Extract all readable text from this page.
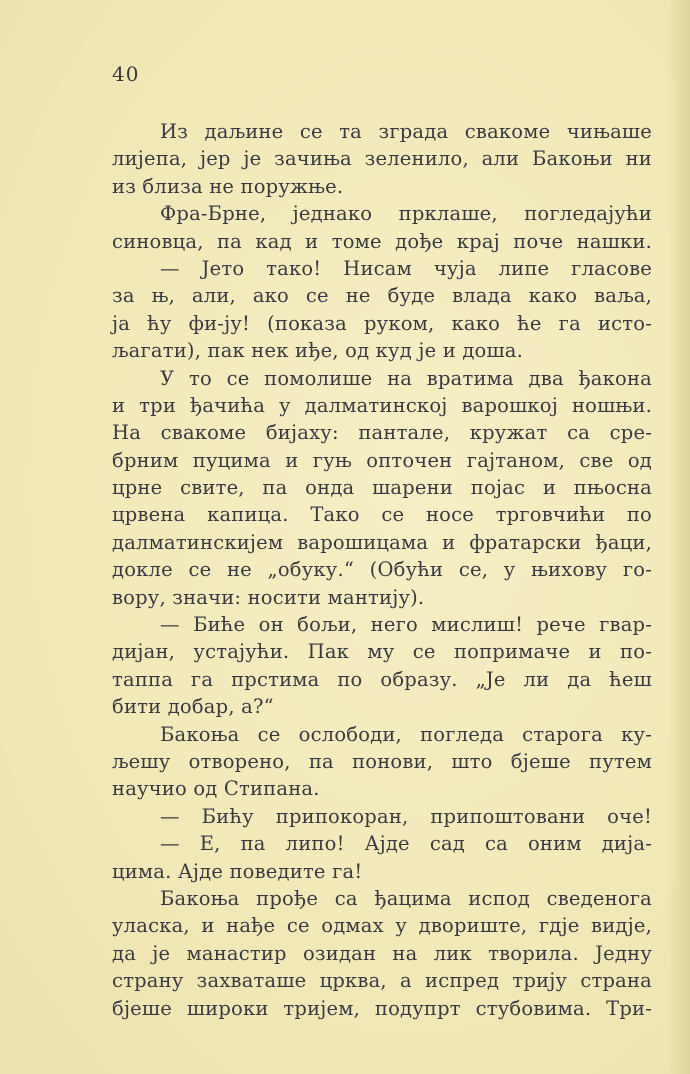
40
Из даљине се та зграда свакоме чињаше
лијепа, јер је зачиња зеленило, али Бакоњи ни
из близа не поружње.
Фра-Брне, једнако прклаше, погледајући
синовца, па кад и томе дође крај поче нашки.
— Јето тако! Нисам чуја липе гласове
за њ, али, ако се не буде влада како ваља,
ја ћу фи-ју! (показа руком, како ће га исто-
љагати), пак нек иђе, од куд је и доша.
У то се помолише на вратима два ђакона
и три ђачића у далматинској варошкој ношњи.
На свакоме бијаху: пантале, кружат са сре-
брним пуцима и гуњ опточен гајтаном, све од
црне свите, па онда шарени појас и пњосна
црвена капица. Тако се носе трговчићи по
далматинскијем варошицама и фратарски ђаци,
докле се не „обуку.“ (Обући се, у њихову го-
вору, значи: носити мантију).
— Биће он бољи, него мислиш! рече гвар-
дијан, устајући. Пак му се попримаче и по-
таппа га прстима по образу. „Је ли да ћеш
бити добар, а?“
Бакоња се ослободи, погледа старога ку-
љешу отворено, па понови, што бјеше путем
научио од Стипана.
— Бићу припокоран, припоштовани оче!
— Е, па липо! Ајде сад са оним дија-
цима. Ајде поведите га!
Бакоња прође са ђацима испод сведенога
уласка, и нађе се одмах у двориште, гдје видје,
да је манастир озидан на лик творила. Једну
страну захваташе црква, а испред трију страна
бјеше широки тријем, подупрт стубовима. Три-
